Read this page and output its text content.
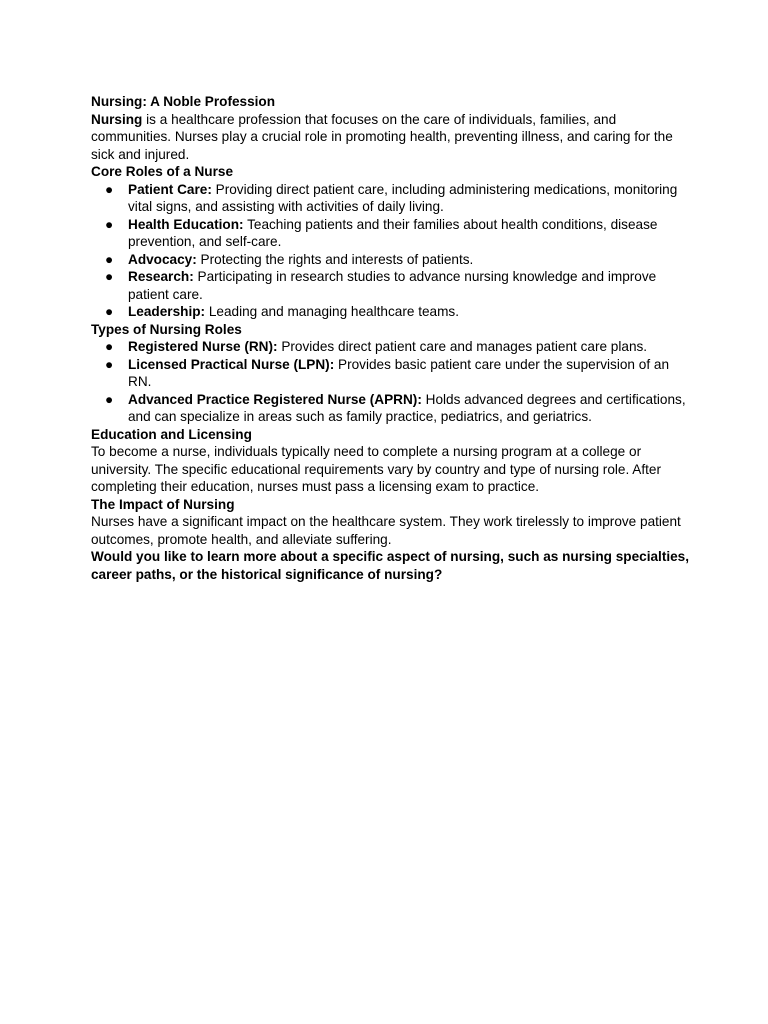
Nursing: A Noble Profession

Nursing is a healthcare profession that focuses on the care of individuals, families, and communities. Nurses play a crucial role in promoting health, preventing illness, and caring for the sick and injured.

Core Roles of a Nurse

● Patient Care: Providing direct patient care, including administering medications, monitoring vital signs, and assisting with activities of daily living.
● Health Education: Teaching patients and their families about health conditions, disease prevention, and self-care.
● Advocacy: Protecting the rights and interests of patients.
● Research: Participating in research studies to advance nursing knowledge and improve patient care.
● Leadership: Leading and managing healthcare teams.

Types of Nursing Roles

● Registered Nurse (RN): Provides direct patient care and manages patient care plans.
● Licensed Practical Nurse (LPN): Provides basic patient care under the supervision of an RN.
● Advanced Practice Registered Nurse (APRN): Holds advanced degrees and certifications, and can specialize in areas such as family practice, pediatrics, and geriatrics.

Education and Licensing

To become a nurse, individuals typically need to complete a nursing program at a college or university. The specific educational requirements vary by country and type of nursing role. After completing their education, nurses must pass a licensing exam to practice.

The Impact of Nursing

Nurses have a significant impact on the healthcare system. They work tirelessly to improve patient outcomes, promote health, and alleviate suffering.

Would you like to learn more about a specific aspect of nursing, such as nursing specialties, career paths, or the historical significance of nursing?
